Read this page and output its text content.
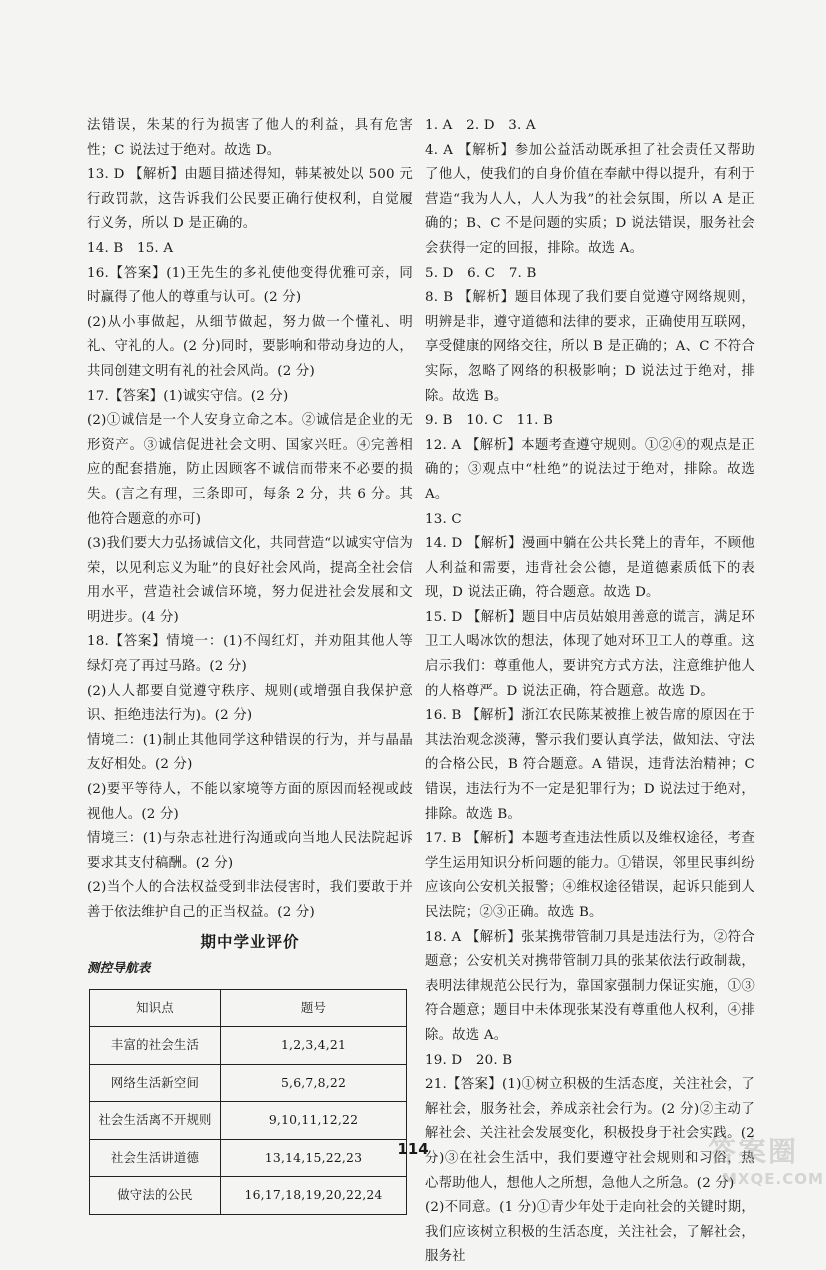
法错误，朱某的行为损害了他人的利益，具有危害性；C 说法过于绝对。故选 D。

13. D 【解析】由题目描述得知，韩某被处以 500 元行政罚款，这告诉我们公民要正确行使权利，自觉履行义务，所以 D 是正确的。

14. B　15. A

16.【答案】(1)王先生的多礼使他变得优雅可亲，同时赢得了他人的尊重与认可。(2 分)

(2)从小事做起，从细节做起，努力做一个懂礼、明礼、守礼的人。(2 分)同时，要影响和带动身边的人，共同创建文明有礼的社会风尚。(2 分)

17.【答案】(1)诚实守信。(2 分)

(2)①诚信是一个人安身立命之本。②诚信是企业的无形资产。③诚信促进社会文明、国家兴旺。④完善相应的配套措施，防止因顾客不诚信而带来不必要的损失。(言之有理，三条即可，每条 2 分，共 6 分。其他符合题意的亦可)

(3)我们要大力弘扬诚信文化，共同营造“以诚实守信为荣，以见利忘义为耻”的良好社会风尚，提高全社会信用水平，营造社会诚信环境，努力促进社会发展和文明进步。(4 分)

18.【答案】情境一：(1)不闯红灯，并劝阻其他人等绿灯亮了再过马路。(2 分)

(2)人人都要自觉遵守秩序、规则(或增强自我保护意识、拒绝违法行为)。(2 分)

情境二：(1)制止其他同学这种错误的行为，并与晶晶友好相处。(2 分)

(2)要平等待人，不能以家境等方面的原因而轻视或歧视他人。(2 分)

情境三：(1)与杂志社进行沟通或向当地人民法院起诉要求其支付稿酬。(2 分)

(2)当个人的合法权益受到非法侵害时，我们要敢于并善于依法维护自己的正当权益。(2 分)

期中学业评价
测控导航表
知识点	题号
丰富的社会生活	1,2,3,4,21
网络生活新空间	5,6,7,8,22
社会生活离不开规则	9,10,11,12,22
社会生活讲道德	13,14,15,22,23
做守法的公民	16,17,18,19,20,22,24

1. A　2. D　3. A

4. A 【解析】参加公益活动既承担了社会责任又帮助了他人，使我们的自身价值在奉献中得以提升，有利于营造“我为人人，人人为我”的社会氛围，所以 A 是正确的；B、C 不是问题的实质；D 说法错误，服务社会会获得一定的回报，排除。故选 A。

5. D　6. C　7. B

8. B 【解析】题目体现了我们要自觉遵守网络规则，明辨是非，遵守道德和法律的要求，正确使用互联网，享受健康的网络交往，所以 B 是正确的；A、C 不符合实际，忽略了网络的积极影响；D 说法过于绝对，排除。故选 B。

9. B　10. C　11. B

12. A 【解析】本题考查遵守规则。①②④的观点是正确的；③观点中“杜绝”的说法过于绝对，排除。故选 A。

13. C

14. D 【解析】漫画中躺在公共长凳上的青年，不顾他人利益和需要，违背社会公德，是道德素质低下的表现，D 说法正确，符合题意。故选 D。

15. D 【解析】题目中店员姑娘用善意的谎言，满足环卫工人喝冰饮的想法，体现了她对环卫工人的尊重。这启示我们：尊重他人，要讲究方式方法，注意维护他人的人格尊严。D 说法正确，符合题意。故选 D。

16. B 【解析】浙江农民陈某被推上被告席的原因在于其法治观念淡薄，警示我们要认真学法，做知法、守法的合格公民，B 符合题意。A 错误，违背法治精神；C 错误，违法行为不一定是犯罪行为；D 说法过于绝对，排除。故选 B。

17. B 【解析】本题考查违法性质以及维权途径，考查学生运用知识分析问题的能力。①错误，邻里民事纠纷应该向公安机关报警；④维权途径错误，起诉只能到人民法院；②③正确。故选 B。

18. A 【解析】张某携带管制刀具是违法行为，②符合题意；公安机关对携带管制刀具的张某依法行政制裁，表明法律规范公民行为，靠国家强制力保证实施，①③符合题意；题目中未体现张某没有尊重他人权利，④排除。故选 A。

19. D　20. B

21.【答案】(1)①树立积极的生活态度，关注社会，了解社会，服务社会，养成亲社会行为。(2 分)②主动了解社会、关注社会发展变化，积极投身于社会实践。(2 分)③在社会生活中，我们要遵守社会规则和习俗，热心帮助他人，想他人之所想，急他人之所急。(2 分)

(2)不同意。(1 分)①青少年处于走向社会的关键时期，我们应该树立积极的生活态度，关注社会，了解社会，服务社

114	答案圈
MXQE.COM
